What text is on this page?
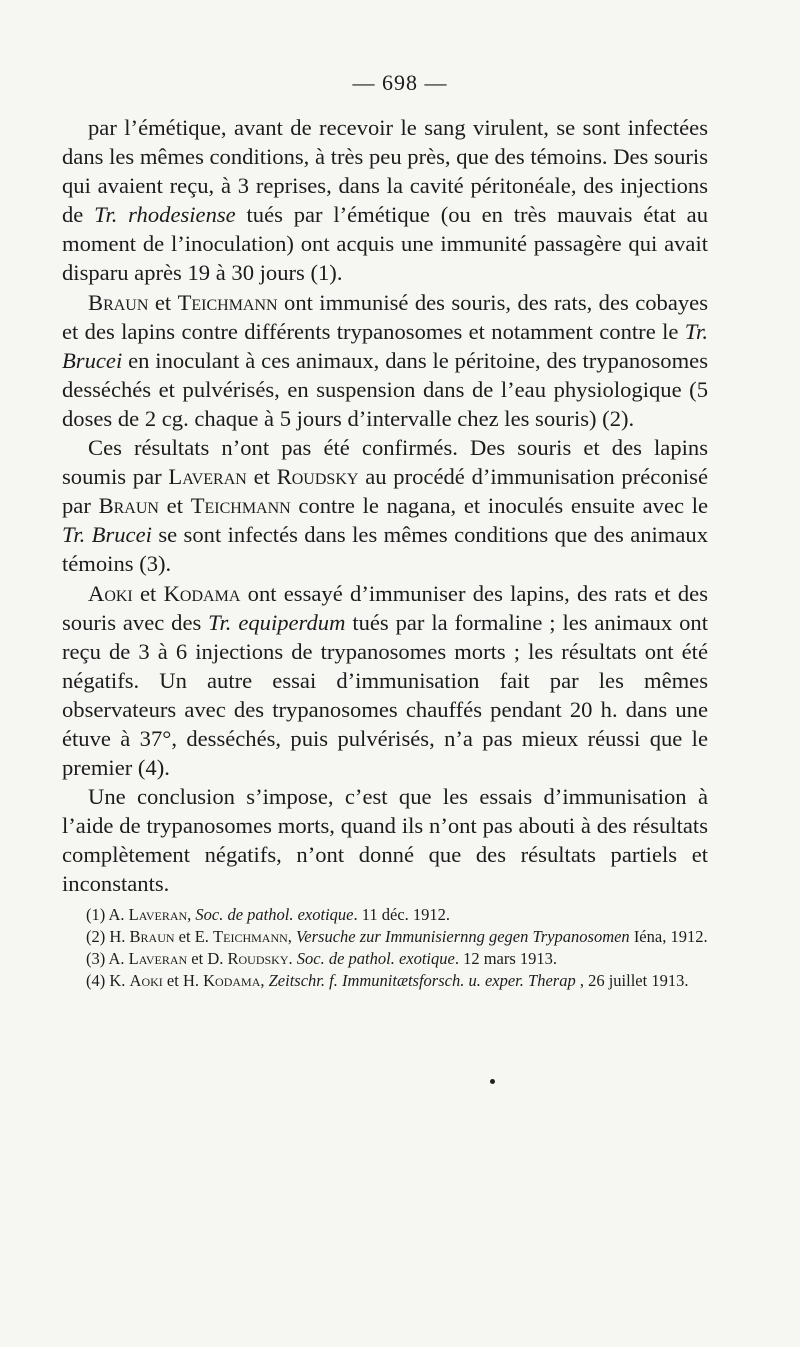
— 698 —

par l’émétique, avant de recevoir le sang virulent, se sont infectées dans les mêmes conditions, à très peu près, que des témoins. Des souris qui avaient reçu, à 3 reprises, dans la cavité péritonéale, des injections de Tr. rhodesiense tués par l’émétique (ou en très mauvais état au moment de l’inoculation) ont acquis une immunité passagère qui avait disparu après 19 à 30 jours (1).

Braun et Teichmann ont immunisé des souris, des rats, des cobayes et des lapins contre différents trypanosomes et notamment contre le Tr. Brucei en inoculant à ces animaux, dans le péritoine, des trypanosomes desséchés et pulvérisés, en suspension dans de l’eau physiologique (5 doses de 2 cg. chaque à 5 jours d’intervalle chez les souris) (2).

Ces résultats n’ont pas été confirmés. Des souris et des lapins soumis par Laveran et Roudsky au procédé d’immunisation préconisé par Braun et Teichmann contre le nagana, et inoculés ensuite avec le Tr. Brucei se sont infectés dans les mêmes conditions que des animaux témoins (3).

Aoki et Kodama ont essayé d’immuniser des lapins, des rats et des souris avec des Tr. equiperdum tués par la formaline ; les animaux ont reçu de 3 à 6 injections de trypanosomes morts ; les résultats ont été négatifs. Un autre essai d’immunisation fait par les mêmes observateurs avec des trypanosomes chauffés pendant 20 h. dans une étuve à 37°, desséchés, puis pulvérisés, n’a pas mieux réussi que le premier (4).

Une conclusion s’impose, c’est que les essais d’immunisation à l’aide de trypanosomes morts, quand ils n’ont pas abouti à des résultats complètement négatifs, n’ont donné que des résultats partiels et inconstants.

(1) A. Laveran, Soc. de pathol. exotique. 11 déc. 1912.

(2) H. Braun et E. Teichmann, Versuche zur Immunisiernng gegen Trypanosomen Iéna, 1912.

(3) A. Laveran et D. Roudsky. Soc. de pathol. exotique. 12 mars 1913.

(4) K. Aoki et H. Kodama, Zeitschr. f. Immunitætsforsch. u. exper. Therap , 26 juillet 1913.
